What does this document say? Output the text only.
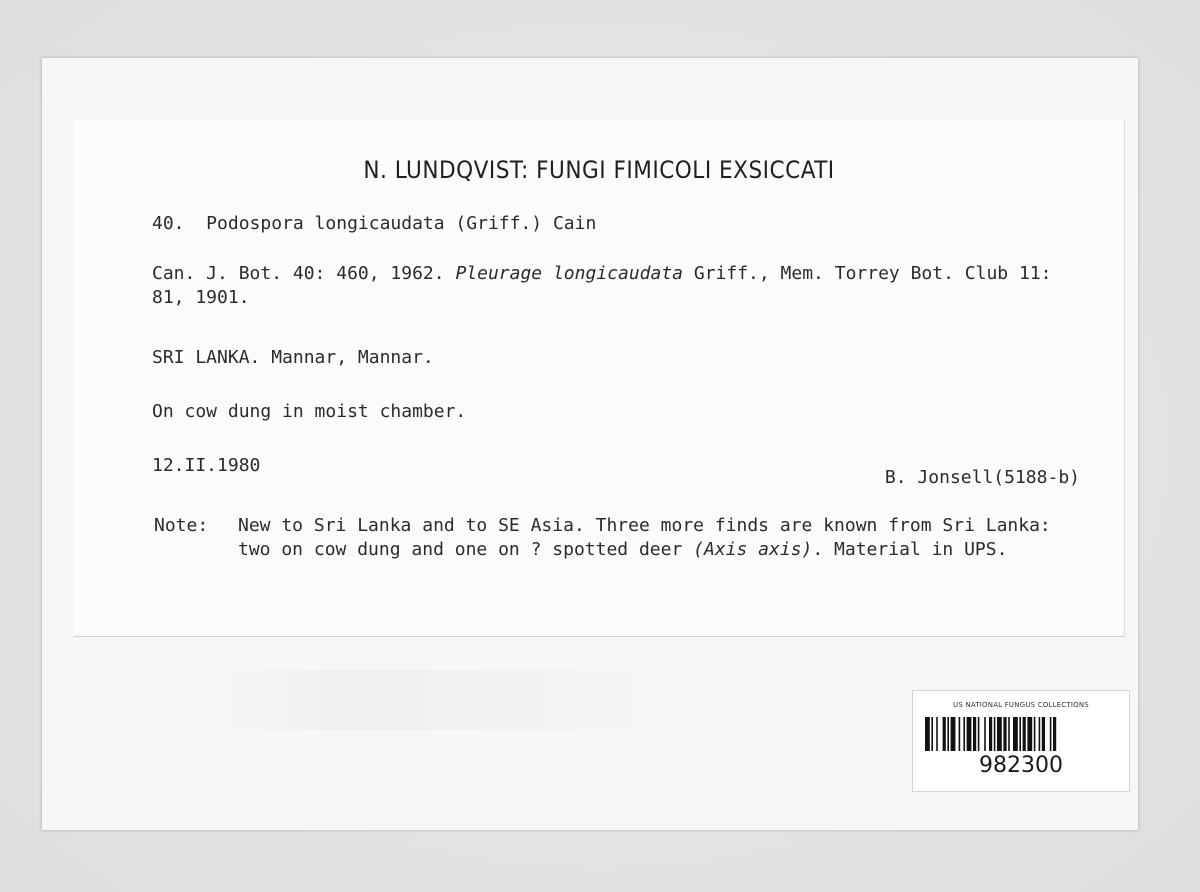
N. LUNDQVIST: FUNGI FIMICOLI EXSICCATI
40.  Podospora longicaudata (Griff.) Cain
Can. J. Bot. 40: 460, 1962. Pleurage longicaudata Griff., Mem. Torrey Bot. Club 11: 81, 1901.
SRI LANKA. Mannar, Mannar.
On cow dung in moist chamber.
12.II.1980
B. Jonsell(5188-b)
Note: New to Sri Lanka and to SE Asia. Three more finds are known from Sri Lanka: two on cow dung and one on ? spotted deer (Axis axis). Material in UPS.
US NATIONAL FUNGUS COLLECTIONS
982300
